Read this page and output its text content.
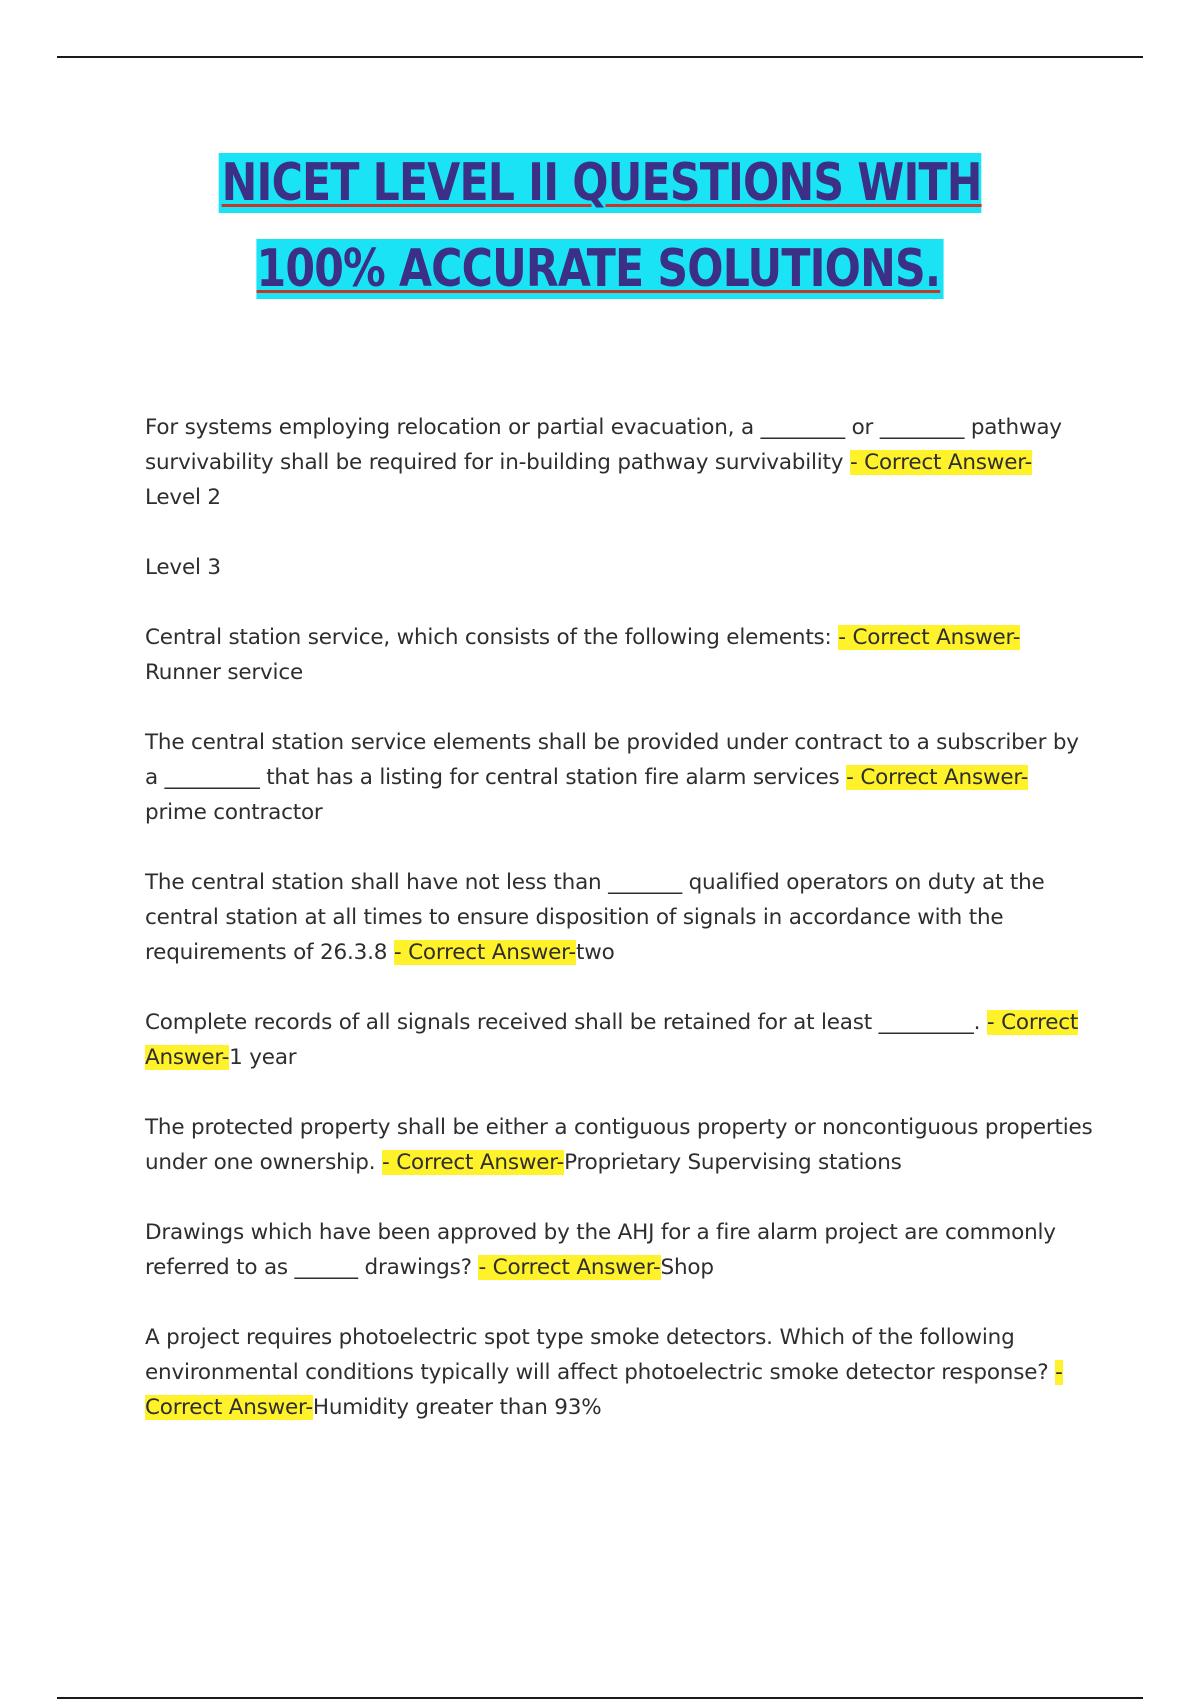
NICET LEVEL II QUESTIONS WITH 100% ACCURATE SOLUTIONS.
For systems employing relocation or partial evacuation, a ________ or ________ pathway survivability shall be required for in-building pathway survivability - Correct Answer-
Level 2
Level 3
Central station service, which consists of the following elements: - Correct Answer-
Runner service
The central station service elements shall be provided under contract to a subscriber by a _________ that has a listing for central station fire alarm services - Correct Answer-
prime contractor
The central station shall have not less than _______ qualified operators on duty at the central station at all times to ensure disposition of signals in accordance with the requirements of 26.3.8 - Correct Answer-two
Complete records of all signals received shall be retained for at least _________. - Correct Answer-1 year
The protected property shall be either a contiguous property or noncontiguous properties under one ownership. - Correct Answer-Proprietary Supervising stations
Drawings which have been approved by the AHJ for a fire alarm project are commonly referred to as ______ drawings? - Correct Answer-Shop
A project requires photoelectric spot type smoke detectors. Which of the following environmental conditions typically will affect photoelectric smoke detector response? - Correct Answer-Humidity greater than 93%
